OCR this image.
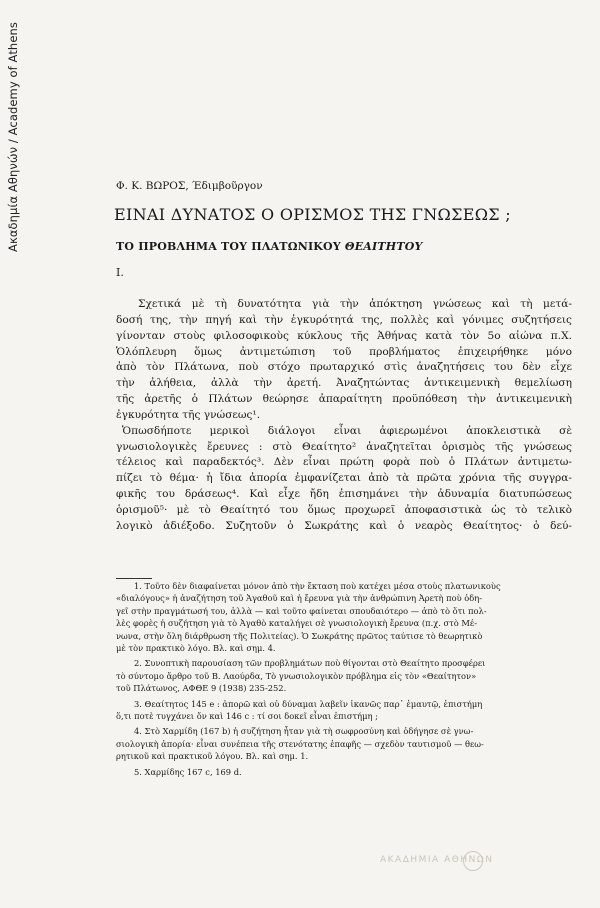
Ακαδημία Αθηνών / Academy of Athens	Φ. Κ. ΒΩΡΟΣ, Έδιμβοῦργον
ΕΙΝΑΙ ΔΥΝΑΤΟΣ Ο ΟΡΙΣΜΟΣ ΤΗΣ ΓΝΩΣΕΩΣ ;
ΤΟ ΠΡΟΒΛΗΜΑ ΤΟΥ ΠΛΑΤΩΝΙΚΟΥ ΘΕΑΙΤΗΤΟΥ
Ι.
Σχετικά μὲ τὴ δυνατότητα γιὰ τὴν ἀπόκτηση γνώσεως καὶ τὴ μετά-
δοσή της, τὴν πηγή καὶ τὴν ἐγκυρότητά της, πολλὲς καὶ γόνιμες συζητήσεις
γίνονταν στοὺς φιλοσοφικοὺς κύκλους τῆς Ἀθήνας κατὰ τὸν 5ο αἰώνα π.Χ.
Ὁλόπλευρη ὅμως ἀντιμετώπιση τοῦ προβλήματος ἐπιχειρήθηκε μόνο
ἀπὸ τὸν Πλάτωνα, ποὺ στόχο πρωταρχικό στὶς ἀναζητήσεις του δὲν εἶχε
τὴν ἀλήθεια, ἀλλὰ τὴν ἀρετή. Ἀναζητώντας ἀντικειμενικὴ θεμελίωση
τῆς ἀρετῆς ὁ Πλάτων θεώρησε ἀπαραίτητη προϋπόθεση τὴν ἀντικειμενικὴ
ἐγκυρότητα τῆς γνώσεως¹.
Ὁπωσδήποτε μερικοὶ διάλογοι εἶναι ἀφιερωμένοι ἀποκλειστικὰ σὲ
γνωσιολογικὲς ἔρευνες : στὸ Θεαίτητο² ἀναζητεῖται ὁρισμὸς τῆς γνώσεως
τέλειος καὶ παραδεκτός³. Δὲν εἶναι πρώτη φορὰ ποὺ ὁ Πλάτων ἀντιμετω-
πίζει τὸ θέμα· ἡ ἴδια ἀπορία ἐμφανίζεται ἀπὸ τὰ πρῶτα χρόνια τῆς συγγρα-
φικῆς του δράσεως⁴. Καὶ εἶχε ἤδη ἐπισημάνει τὴν ἀδυναμία διατυπώσεως
ὁρισμοῦ⁵· μὲ τὸ Θεαίτητό του ὅμως προχωρεῖ ἀποφασιστικὰ ὡς τὸ τελικὸ
λογικὸ ἀδιέξοδο. Συζητοῦν ὁ Σωκράτης καὶ ὁ νεαρὸς Θεαίτητος· ὁ δεύ-
1. Τοῦτο δὲν διαφαίνεται μόνον ἀπὸ τὴν ἔκταση ποὺ κατέχει μέσα στοὺς πλατωνικοὺς
«διαλόγους» ἡ ἀναζήτηση τοῦ Ἀγαθοῦ καὶ ἡ ἔρευνα γιὰ τὴν ἀνθρώπινη Ἀρετὴ ποὺ ὁδη-
γεῖ στὴν πραγμάτωσή του, ἀλλὰ — καὶ τοῦτο φαίνεται σπουδαιότερο — ἀπὸ τὸ ὅτι πολ-
λὲς φορὲς ἡ συζήτηση γιὰ τὸ Ἀγαθὸ καταλήγει σὲ γνωσιολογικὴ ἔρευνα (π.χ. στὸ Μέ-
νωνα, στὴν ὅλη διάρθρωση τῆς Πολιτείας). Ὁ Σωκράτης πρῶτος ταύτισε τὸ θεωρητικὸ
μὲ τὸν πρακτικὸ λόγο. Βλ. καὶ σημ. 4.
2. Συνοπτικὴ παρουσίαση τῶν προβλημάτων ποὺ θίγονται στὸ Θεαίτητο προσφέρει
τὸ σύντομο ἄρθρο τοῦ Β. Λαούρδα, Τὸ γνωσιολογικὸν πρόβλημα εἰς τὸν «Θεαίτητον»
τοῦ Πλάτωνος, ΑΦΘΕ 9 (1938) 235-252.
3. Θεαίτητος 145 e : ἀπορῶ καὶ οὐ δύναμαι λαβεῖν ἱκανῶς παρ᾽ ἐμαυτῷ, ἐπιστήμη
ὅ,τι ποτὲ τυγχάνει ὄν καὶ 146 c : τί σοι δοκεῖ εἶναι ἐπιστήμη ;
4. Στὸ Χαρμίδη (167 b) ἡ συζήτηση ἦταν γιὰ τὴ σωφροσύνη καὶ ὁδήγησε σὲ γνω-
σιολογικὴ ἀπορία· εἶναι συνέπεια τῆς στενότατης ἐπαφῆς — σχεδὸν ταυτισμοῦ — θεω-
ρητικοῦ καὶ πρακτικοῦ λόγου. Βλ. καὶ σημ. 1.
5. Χαρμίδης 167 c, 169 d.
ΑΚΑΔΗΜΙΑ ΑΘΗΝΩΝ
